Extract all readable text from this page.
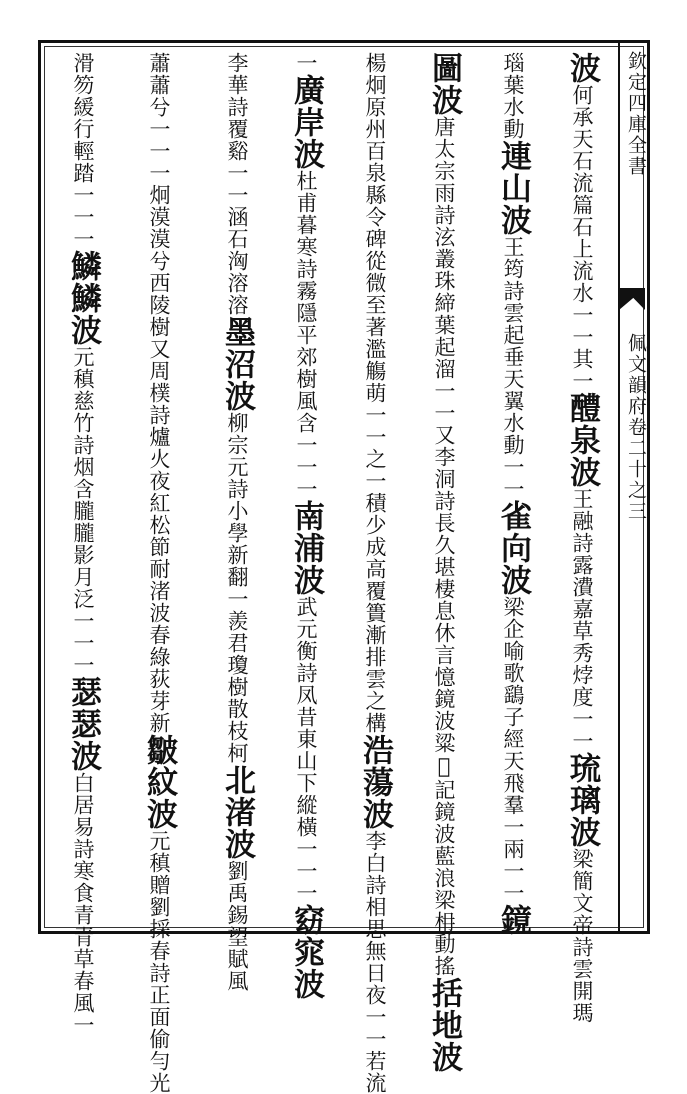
欽定四庫全書
佩文韻府卷二十之三
波何承天石流篇石上流水一一其一醴泉波王融詩露㵒嘉草秀㶿度一一琉璃波梁簡文帝詩雲開瑪
瑙葉水動連山波王筠詩雲起垂天翼水動一一雀向波梁企喻歌鷂子經天飛羣一兩一一鏡
圖波唐太宗雨詩泫叢珠締葉起溜一一又李洞詩長久堪棲息休言憶鏡波粱𥨊記鏡波藍浪梁枏動搖括地波
楊炯原州百泉縣令碑從微至著濫觴萌一一之一積少成高覆簣漸排雲之構浩蕩波李白詩相思無日夜一一若流
一廣岸波杜甫暮寒詩霧隱平郊樹風含一一一南浦波武元衡詩凤昔東山下縱橫一一一窈窕波
李華詩覆谿一一涵石洶溶溶墨沼波柳宗元詩小學新翻一羨君瓊樹散枝柯北渚波劉禹錫望賦風
蕭蕭兮一一一炯漠漠兮西陵樹又周樸詩爐火夜紅松節耐渚波春綠荻芽新皺紋波元稹贈劉採春詩正面偷勻光
滑笏緩行輕踏一一一鱗鱗波元稹慈竹詩烟含朧朧影月泛一一一瑟瑟波白居易詩寒食青青草春風一
